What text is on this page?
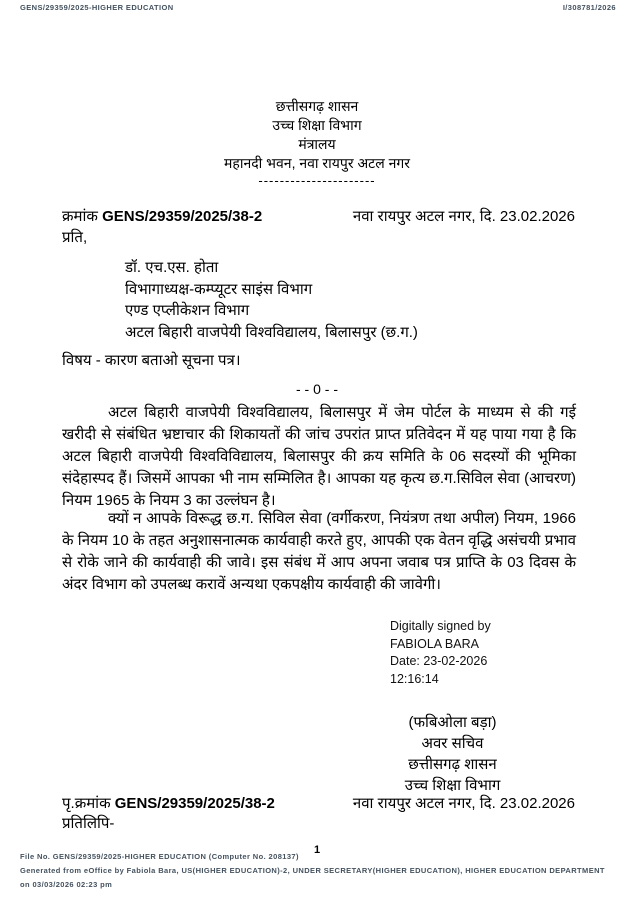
GENS/29359/2025-HIGHER EDUCATION	I/308781/2026
छत्तीसगढ़ शासन
उच्च शिक्षा विभाग
मंत्रालय
महानदी भवन, नवा रायपुर अटल नगर
----------------------
क्रमांक GENS/29359/2025/38-2	नवा रायपुर अटल नगर, दि. 23.02.2026
प्रति,
डॉ. एच.एस. होता
विभागाध्यक्ष-कम्प्यूटर साइंस विभाग
एण्ड एप्लीकेशन विभाग
अटल बिहारी वाजपेयी विश्वविद्यालय, बिलासपुर (छ.ग.)
विषय - कारण बताओ सूचना पत्र।
- - 0 - -

अटल बिहारी वाजपेयी विश्वविद्यालय, बिलासपुर में जेम पोर्टल के माध्यम से की गई खरीदी से संबंधित भ्रष्टाचार की शिकायतों की जांच उपरांत प्राप्त प्रतिवेदन में यह पाया गया है कि अटल बिहारी वाजपेयी विश्वविविद्यालय, बिलासपुर की क्रय समिति के 06 सदस्यों की भूमिका संदेहास्पद हैं। जिसमें आपका भी नाम सम्मिलित है। आपका यह कृत्य छ.ग.सिविल सेवा (आचरण) नियम 1965 के नियम 3 का उल्लंघन है।

क्यों न आपके विरूद्ध छ.ग. सिविल सेवा (वर्गीकरण, नियंत्रण तथा अपील) नियम, 1966 के नियम 10 के तहत अनुशासनात्मक कार्यवाही करते हुए, आपकी एक वेतन वृद्धि असंचयी प्रभाव से रोके जाने की कार्यवाही की जावे। इस संबंध में आप अपना जवाब पत्र प्राप्ति के 03 दिवस के अंदर विभाग को उपलब्ध करावें अन्यथा एकपक्षीय कार्यवाही की जावेगी।

Digitally signed by
FABIOLA BARA
Date: 23-02-2026
12:16:14
(फबिओला बड़ा)
अवर सचिव
छत्तीसगढ़ शासन
उच्च शिक्षा विभाग
पृ.क्रमांक GENS/29359/2025/38-2	नवा रायपुर अटल नगर, दि. 23.02.2026
प्रतिलिपि-
1
File No. GENS/29359/2025-HIGHER EDUCATION (Computer No. 208137)
Generated from eOffice by Fabiola Bara, US(HIGHER EDUCATION)-2, UNDER SECRETARY(HIGHER EDUCATION), HIGHER EDUCATION DEPARTMENT on 03/03/2026 02:23 pm
